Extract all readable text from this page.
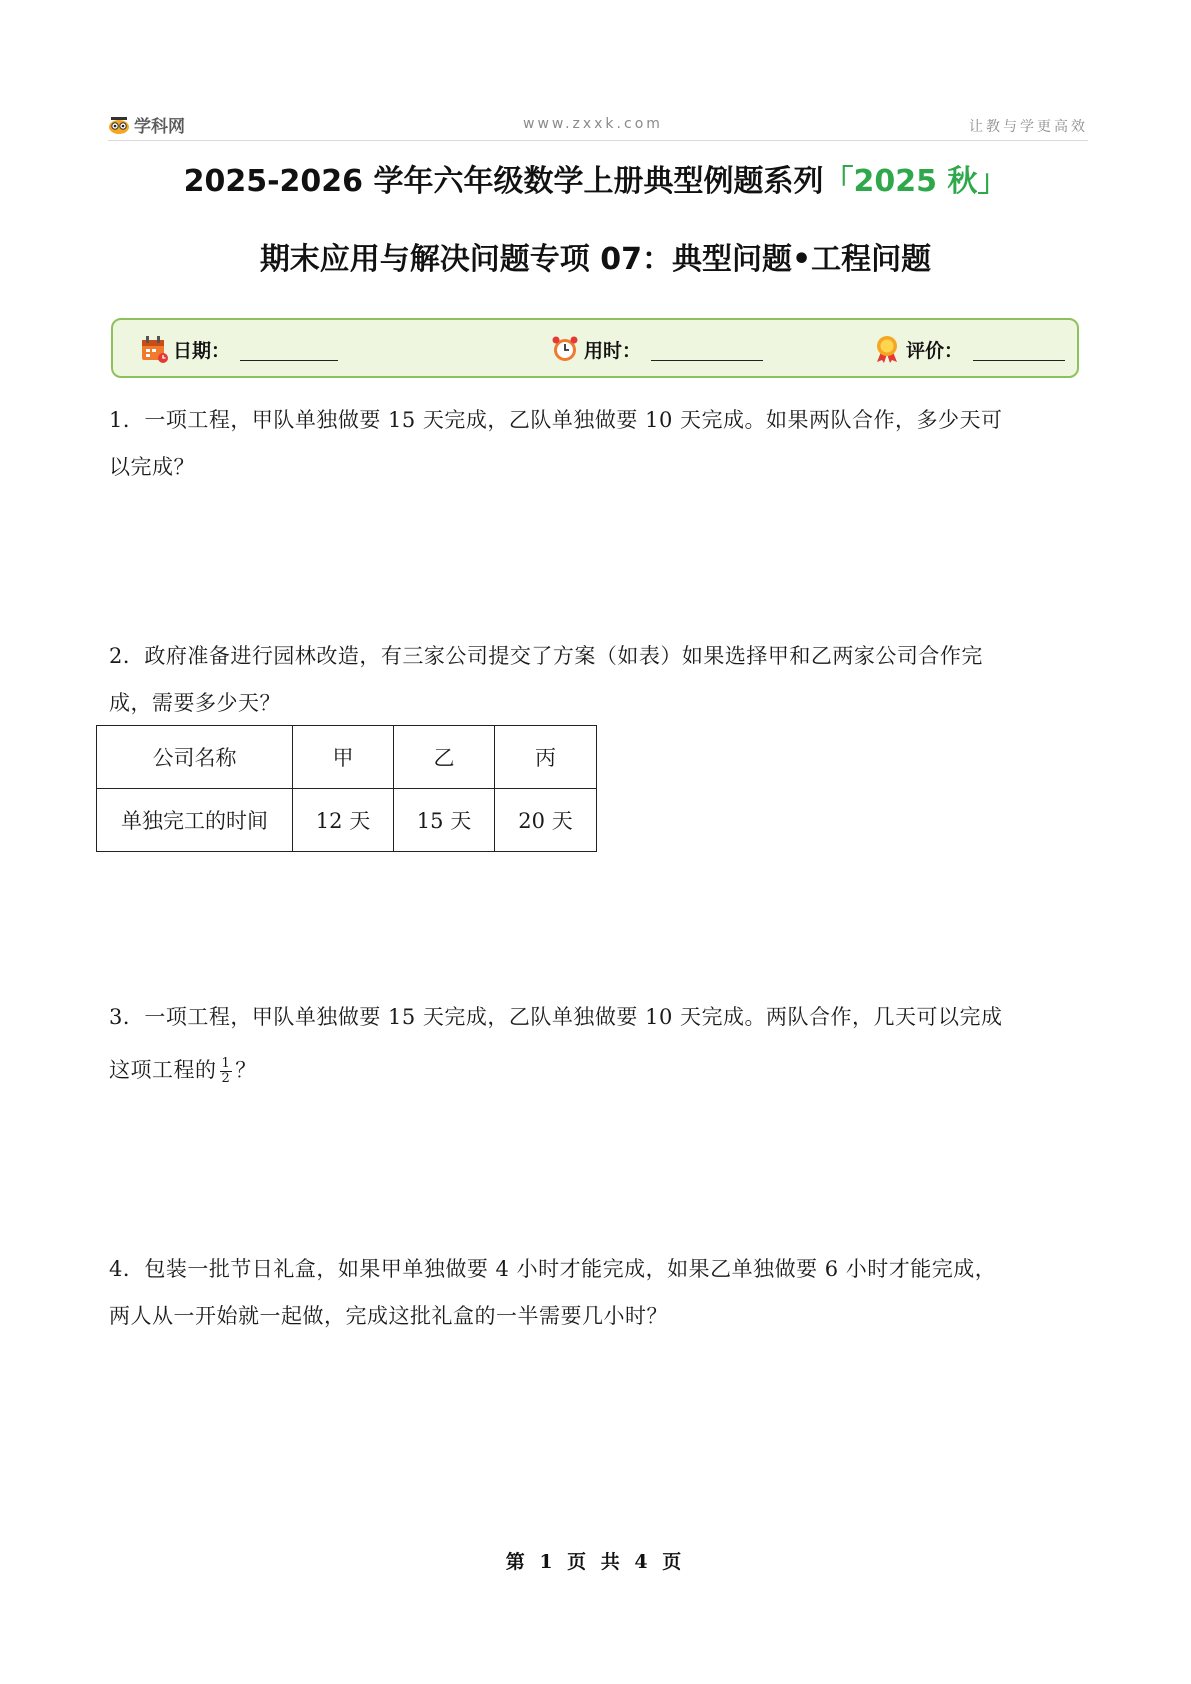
学科网	www.zxxk.com	让教与学更高效
2025-2026 学年六年级数学上册典型例题系列「2025 秋」
期末应用与解决问题专项 07：典型问题•工程问题
日期：	用时：	评价：
1．一项工程，甲队单独做要 15 天完成，乙队单独做要 10 天完成。如果两队合作，多少天可
以完成？
2．政府准备进行园林改造，有三家公司提交了方案（如表）如果选择甲和乙两家公司合作完
成，需要多少天？
公司名称	甲	乙	丙
单独完工的时间	12 天	15 天	20 天
3．一项工程，甲队单独做要 15 天完成，乙队单独做要 10 天完成。两队合作，几天可以完成
这项工程的 $\frac{1}{2}$ ？
4．包装一批节日礼盒，如果甲单独做要 4 小时才能完成，如果乙单独做要 6 小时才能完成，
两人从一开始就一起做，完成这批礼盒的一半需要几小时？
第 1 页 共 4 页
